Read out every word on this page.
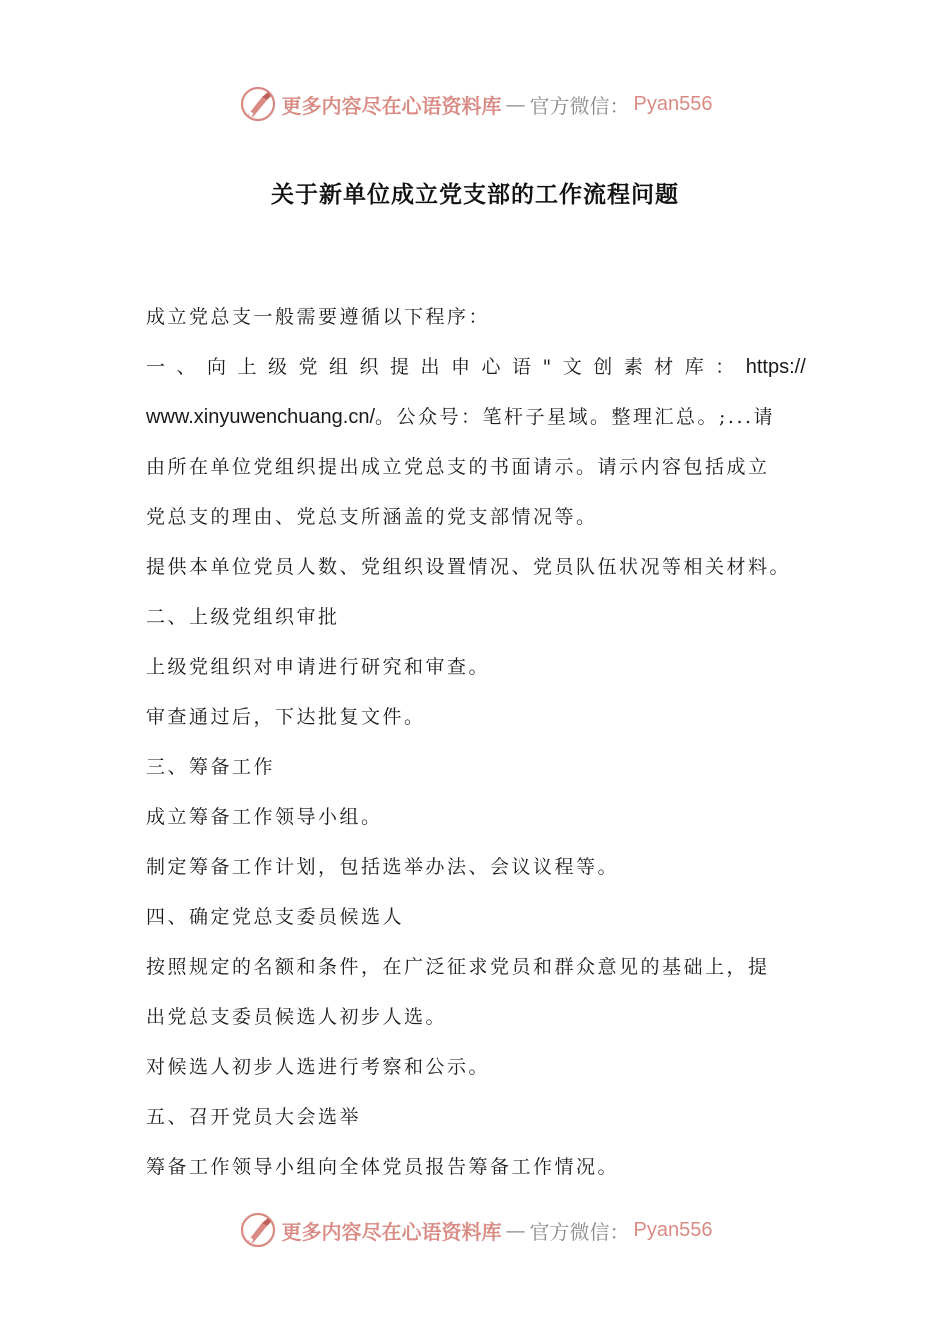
更多内容尽在心语资料库 — 官方微信： Pyan556
关于新单位成立党支部的工作流程问题
成立党总支一般需要遵循以下程序：
一 、 向 上 级 党 组 织 提 出 申 心 语 " 文 创 素 材 库 ： https://
www.xinyuwenchuang.cn/。公众号：笔杆子星域。整理汇总。;...请
由所在单位党组织提出成立党总支的书面请示。请示内容包括成立
党总支的理由、党总支所涵盖的党支部情况等。
提供本单位党员人数、党组织设置情况、党员队伍状况等相关材料。
二、上级党组织审批
上级党组织对申请进行研究和审查。
审查通过后，下达批复文件。
三、筹备工作
成立筹备工作领导小组。
制定筹备工作计划，包括选举办法、会议议程等。
四、确定党总支委员候选人
按照规定的名额和条件，在广泛征求党员和群众意见的基础上，提
出党总支委员候选人初步人选。
对候选人初步人选进行考察和公示。
五、召开党员大会选举
筹备工作领导小组向全体党员报告筹备工作情况。
更多内容尽在心语资料库 — 官方微信： Pyan556
